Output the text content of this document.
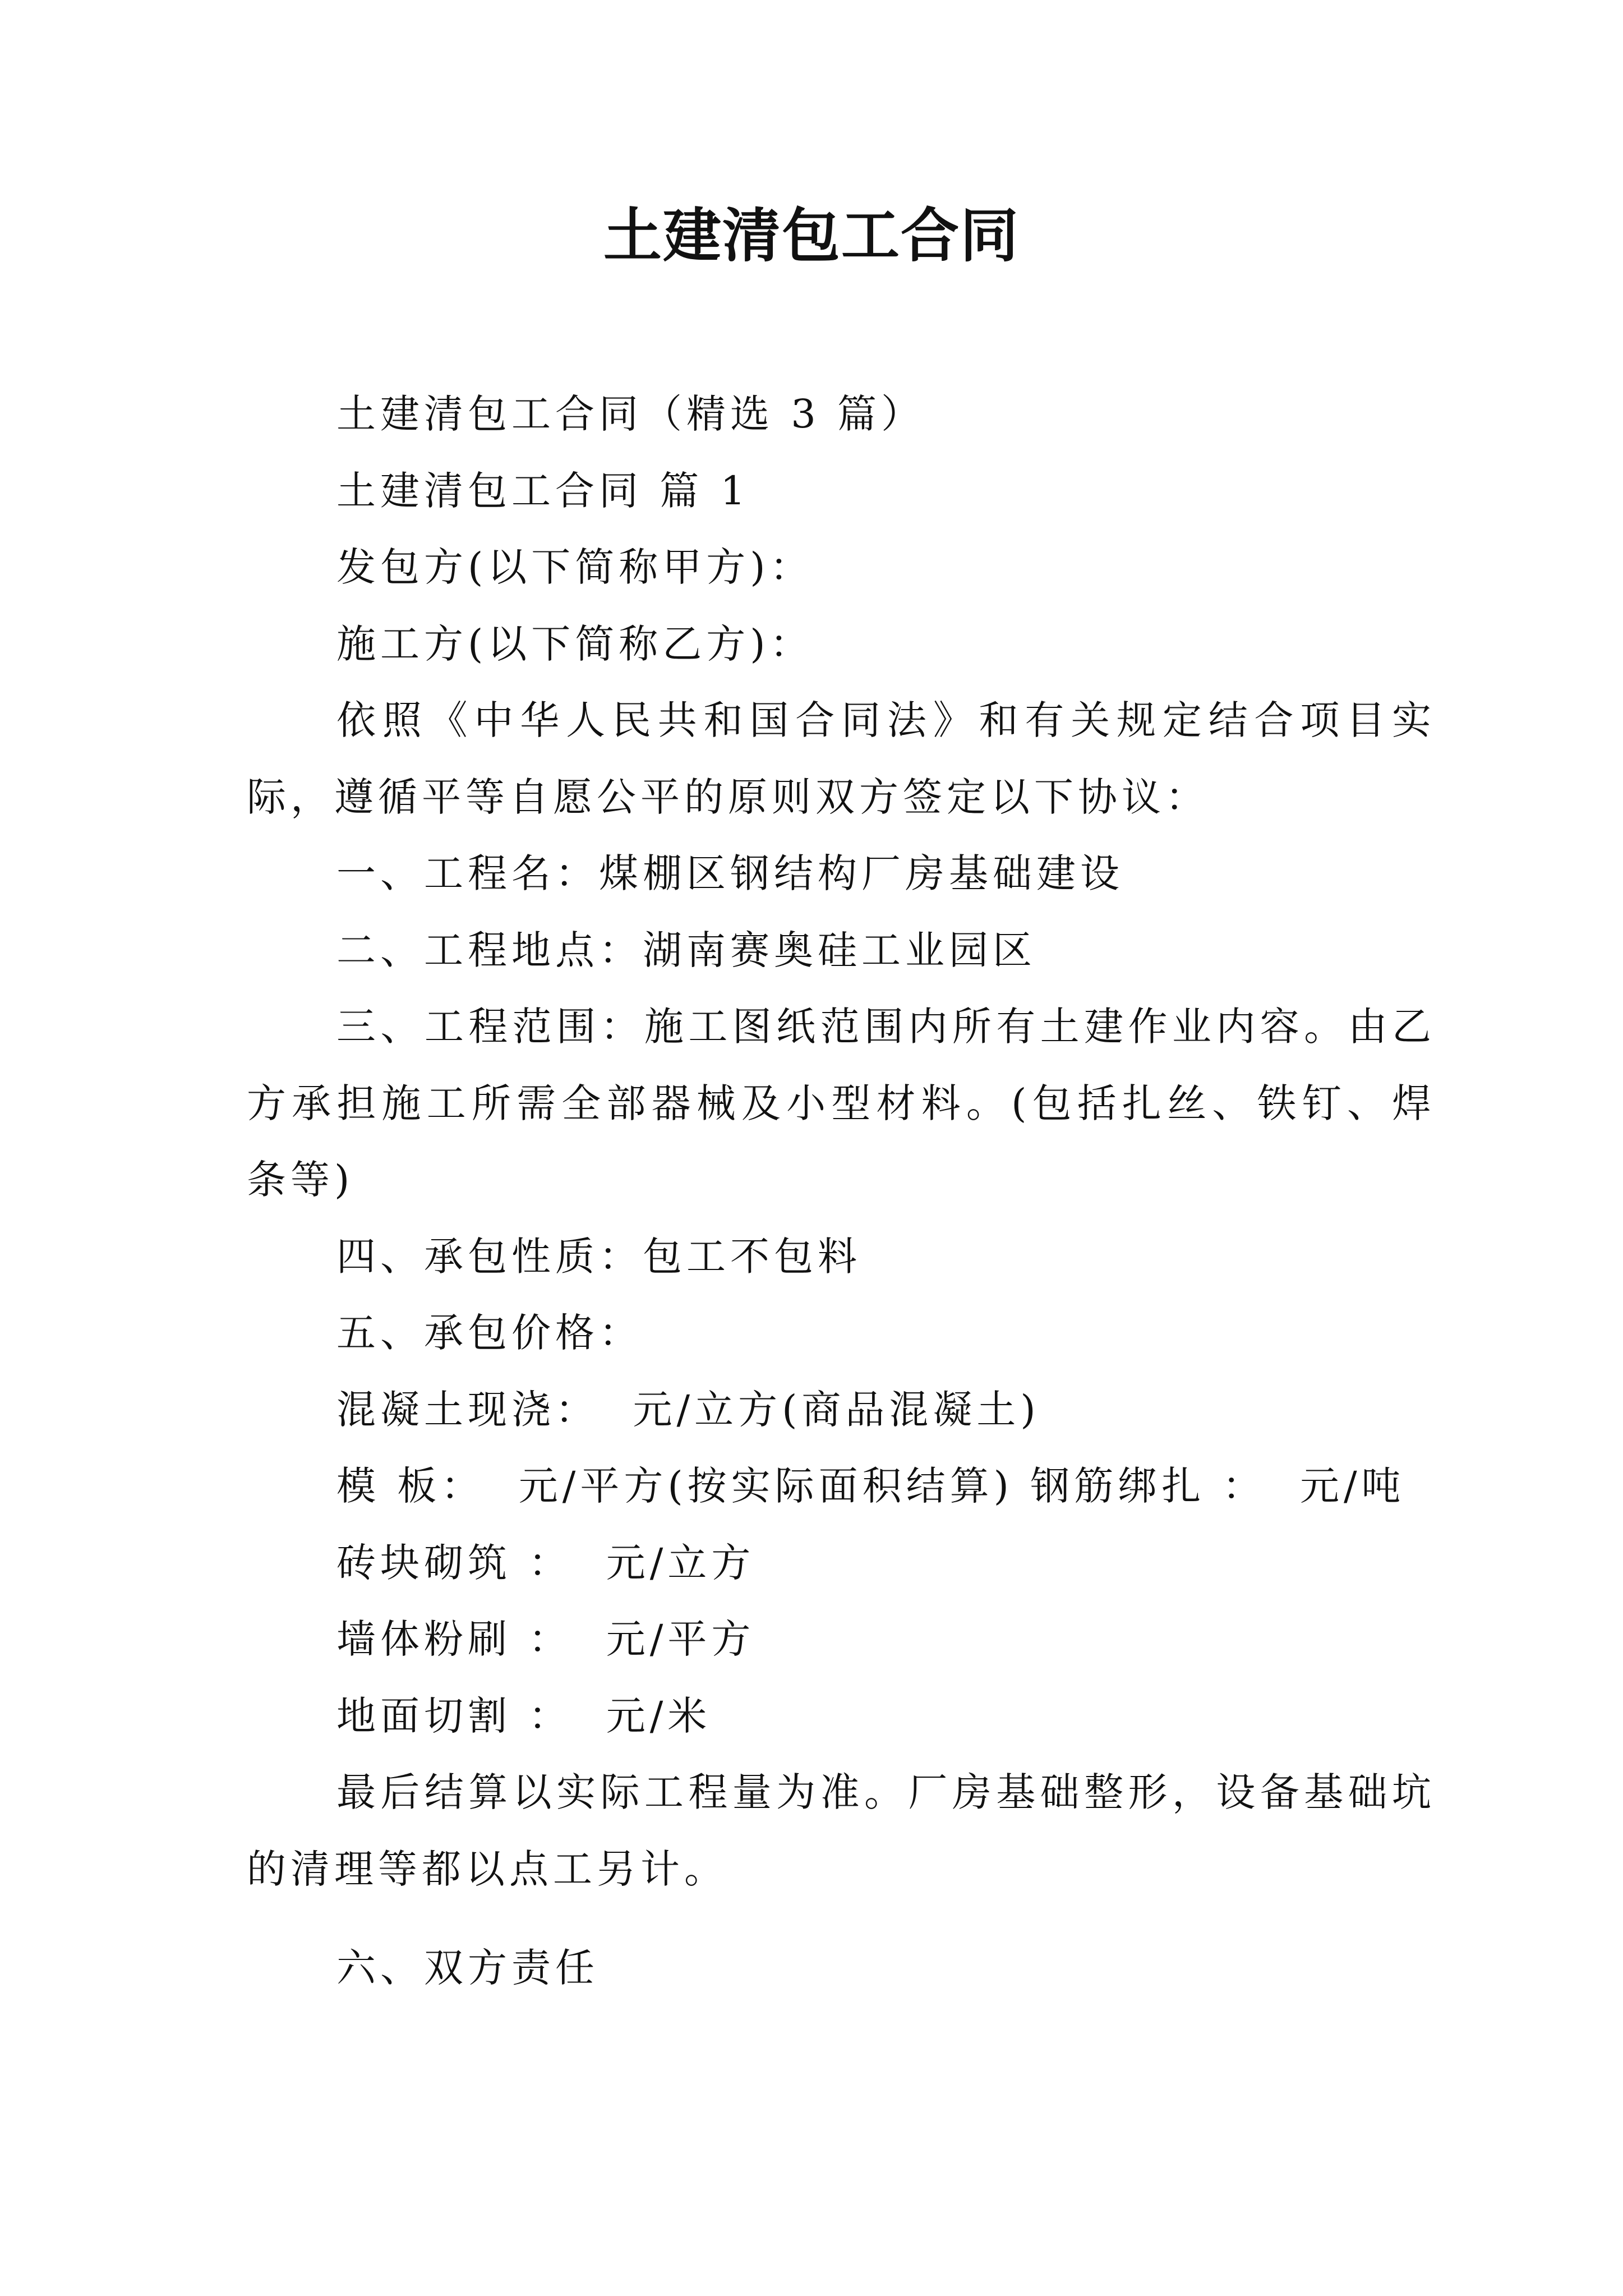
土建清包工合同

土建清包工合同（精选 3 篇）

土建清包工合同 篇 1

发包方(以下简称甲方)：

施工方(以下简称乙方)：

依照《中华人民共和国合同法》和有关规定结合项目实际，遵循平等自愿公平的原则双方签定以下协议：

一、工程名：煤棚区钢结构厂房基础建设

二、工程地点：湖南赛奥硅工业园区

三、工程范围：施工图纸范围内所有土建作业内容。由乙方承担施工所需全部器械及小型材料。(包括扎丝、铁钉、焊条等)

四、承包性质：包工不包料

五、承包价格：

混凝土现浇：  元/立方(商品混凝土)

模 板：  元/平方(按实际面积结算) 钢筋绑扎 ：  元/吨

砖块砌筑 ：  元/立方

墙体粉刷 ：  元/平方

地面切割 ：  元/米

最后结算以实际工程量为准。厂房基础整形，设备基础坑的清理等都以点工另计。

六、双方责任
